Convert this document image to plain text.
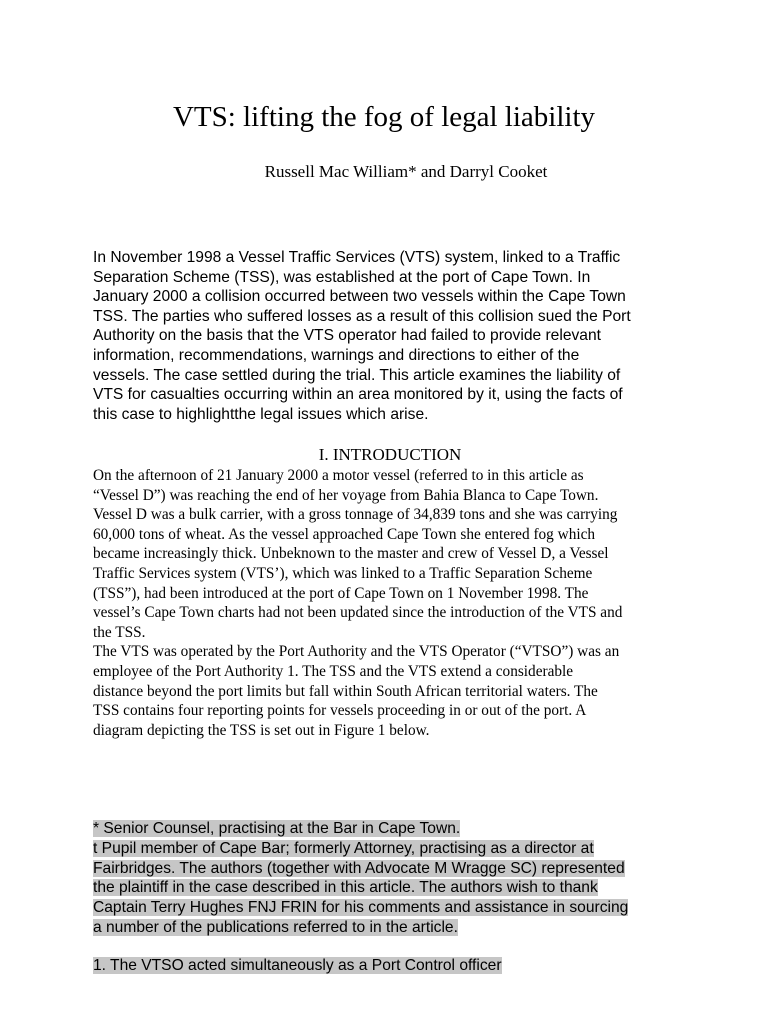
VTS: lifting the fog of legal liability
Russell Mac William* and Darryl Cooket
In November 1998 a Vessel Traffic Services (VTS) system, linked to a Traffic
Separation Scheme (TSS), was established at the port of Cape Town. In
January 2000 a collision occurred between two vessels within the Cape Town
TSS. The parties who suffered losses as a result of this collision sued the Port
Authority on the basis that the VTS operator had failed to provide relevant
information, recommendations, warnings and directions to either of the
vessels. The case settled during the trial. This article examines the liability of
VTS for casualties occurring within an area monitored by it, using the facts of
this case to highlightthe legal issues which arise.
I. INTRODUCTION
On the afternoon of 21 January 2000 a motor vessel (referred to in this article as
“Vessel D”) was reaching the end of her voyage from Bahia Blanca to Cape Town.
Vessel D was a bulk carrier, with a gross tonnage of 34,839 tons and she was carrying
60,000 tons of wheat. As the vessel approached Cape Town she entered fog which
became increasingly thick. Unbeknown to the master and crew of Vessel D, a Vessel
Traffic Services system (VTS’), which was linked to a Traffic Separation Scheme
(TSS”), had been introduced at the port of Cape Town on 1 November 1998. The
vessel’s Cape Town charts had not been updated since the introduction of the VTS and
the TSS.
The VTS was operated by the Port Authority and the VTS Operator (“VTSO”) was an
employee of the Port Authority 1. The TSS and the VTS extend a considerable
distance beyond the port limits but fall within South African territorial waters. The
TSS contains four reporting points for vessels proceeding in or out of the port. A
diagram depicting the TSS is set out in Figure 1 below.
* Senior Counsel, practising at the Bar in Cape Town.
t Pupil member of Cape Bar; formerly Attorney, practising as a director at
Fairbridges. The authors (together with Advocate M Wragge SC) represented
the plaintiff in the case described in this article. The authors wish to thank
Captain Terry Hughes FNJ FRIN for his comments and assistance in sourcing
a number of the publications referred to in the article.
1. The VTSO acted simultaneously as a Port Control officer
